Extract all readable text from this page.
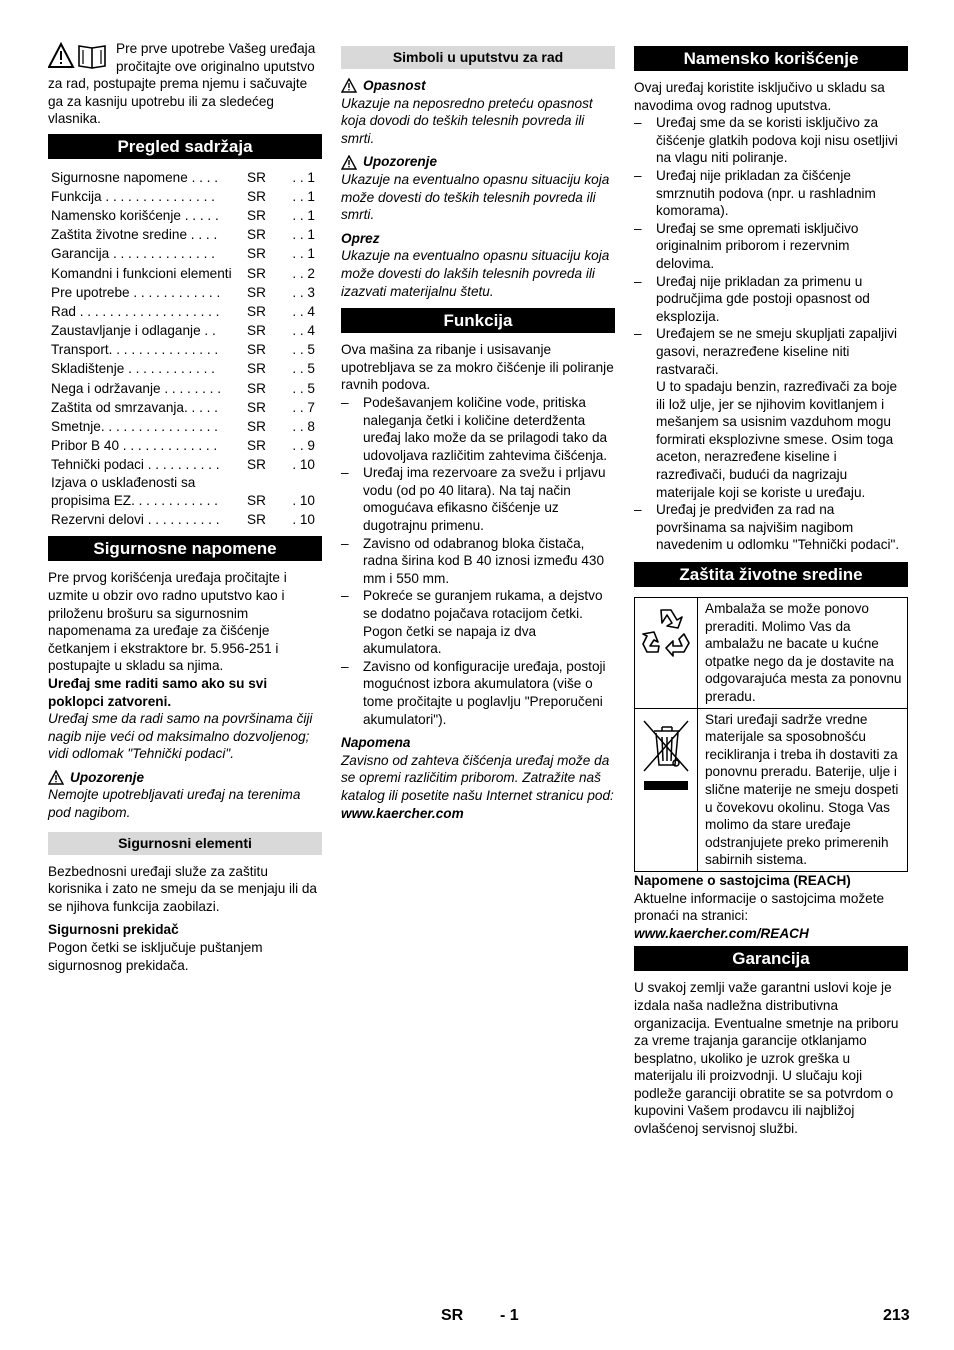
Pre prve upotrebe Vašeg uređaja pročitajte ove originalno uputstvo za rad, postupajte prema njemu i sačuvajte ga za kasniju upotrebu ili za sledećeg vlasnika.

Pregled sadržaja
Sigurnosne napomene . . . .	SR	. . 1
Funkcija . . . . . . . . . . . . . . .	SR	. . 1
Namensko korišćenje . . . . .	SR	. . 1
Zaštita životne sredine . . . .	SR	. . 1
Garancija . . . . . . . . . . . . . .	SR	. . 1
Komandni i funkcioni elementi	SR	. . 2
Pre upotrebe . . . . . . . . . . . .	SR	. . 3
Rad . . . . . . . . . . . . . . . . . . .	SR	. . 4
Zaustavljanje i odlaganje . .	SR	. . 4
Transport. . . . . . . . . . . . . . .	SR	. . 5
Skladištenje . . . . . . . . . . . .	SR	. . 5
Nega i održavanje . . . . . . . .	SR	. . 5
Zaštita od smrzavanja. . . . .	SR	. . 7
Smetnje. . . . . . . . . . . . . . . .	SR	. . 8
Pribor B 40 . . . . . . . . . . . . .	SR	. . 9
Tehnički podaci . . . . . . . . . .	SR	. 10

Izjava o usklađenosti sa
propisima EZ. . . . . . . . . . . .	SR	. 10
Rezervni delovi . . . . . . . . . .	SR	. 10
Sigurnosne napomene

Pre prvog korišćenja uređaja pročitajte i uzmite u obzir ovo radno uputstvo kao i priloženu brošuru sa sigurnosnim napomenama za uređaje za čišćenje četkanjem i ekstraktore br. 5.956-251 i postupajte u skladu sa njima.

Uređaj sme raditi samo ako su svi poklopci zatvoreni.

Uređaj sme da radi samo na površinama čiji nagib nije veći od maksimalno dozvoljenog; vidi odlomak "Tehnički podaci".

Upozorenje

Nemojte upotrebljavati uređaj na terenima pod nagibom.

Sigurnosni elementi

Bezbednosni uređaji služe za zaštitu korisnika i zato ne smeju da se menjaju ili da se njihova funkcija zaobilazi.

Sigurnosni prekidač

Pogon četki se isključuje puštanjem sigurnosnog prekidača.

Simboli u uputstvu za rad
Opasnost

Ukazuje na neposredno preteću opasnost koja dovodi do teških telesnih povreda ili smrti.

Upozorenje

Ukazuje na eventualno opasnu situaciju koja može dovesti do teških telesnih povreda ili smrti.

Oprez

Ukazuje na eventualno opasnu situaciju koja može dovesti do lakših telesnih povreda ili izazvati materijalnu štetu.

Funkcija

Ova mašina za ribanje i usisavanje upotrebljava se za mokro čišćenje ili poliranje ravnih podova.

– Podešavanjem količine vode, pritiska naleganja četki i količine deterdženta uređaj lako može da se prilagodi tako da udovoljava različitim zahtevima čišćenja.
– Uređaj ima rezervoare za svežu i prljavu vodu (od po 40 litara). Na taj način omogućava efikasno čišćenje uz dugotrajnu primenu.
– Zavisno od odabranog bloka čistača, radna širina kod B 40 iznosi između 430 mm i 550 mm.
– Pokreće se guranjem rukama, a dejstvo se dodatno pojačava rotacijom četki. Pogon četki se napaja iz dva akumulatora.
– Zavisno od konfiguracije uređaja, postoji mogućnost izbora akumulatora (više o tome pročitajte u poglavlju "Preporučeni akumulatori").

Napomena

Zavisno od zahteva čišćenja uređaj može da se opremi različitim priborom. Zatražite naš katalog ili posetite našu Internet stranicu pod:

www.kaercher.com

Namensko korišćenje

Ovaj uređaj koristite isključivo u skladu sa navodima ovog radnog uputstva.

– Uređaj sme da se koristi isključivo za čišćenje glatkih podova koji nisu osetljivi na vlagu niti poliranje.
– Uređaj nije prikladan za čišćenje smrznutih podova (npr. u rashladnim komorama).
– Uređaj se sme opremati isključivo originalnim priborom i rezervnim delovima.
– Uređaj nije prikladan za primenu u područjima gde postoji opasnost od eksplozija.
– Uređajem se ne smeju skupljati zapaljivi gasovi, nerazređene kiseline niti rastvarači.
U to spadaju benzin, razređivači za boje ili lož ulje, jer se njihovim kovitlanjem i mešanjem sa usisnim vazduhom mogu formirati eksplozivne smese. Osim toga aceton, nerazređene kiseline i razređivači, budući da nagrizaju materijale koji se koriste u uređaju.
– Uređaj je predviđen za rad na površinama sa najvišim nagibom navedenim u odlomku "Tehnički podaci".
Zaštita životne sredine
	Ambalaža se može ponovo preraditi. Molimo Vas da ambalažu ne bacate u kućne otpatke nego da je dostavite na odgovarajuća mesta za ponovnu preradu.
	Stari uređaji sadrže vredne materijale sa sposobnošću recikliranja i treba ih dostaviti za ponovnu preradu. Baterije, ulje i slične materije ne smeju dospeti u čovekovu okolinu. Stoga Vas molimo da stare uređaje odstranjujete preko primerenih sabirnih sistema.

Napomene o sastojcima (REACH)

Aktuelne informacije o sastojcima možete pronaći na stranici:

www.kaercher.com/REACH

Garancija

U svakoj zemlji važe garantni uslovi koje je izdala naša nadležna distributivna organizacija. Eventualne smetnje na priboru za vreme trajanja garancije otklanjamo besplatno, ukoliko je uzrok greška u materijalu ili proizvodnji. U slučaju koji podleže garanciji obratite se sa potvrdom o kupovini Vašem prodavcu ili najbližoj ovlašćenoj servisnoj službi.

SR - 1	213
